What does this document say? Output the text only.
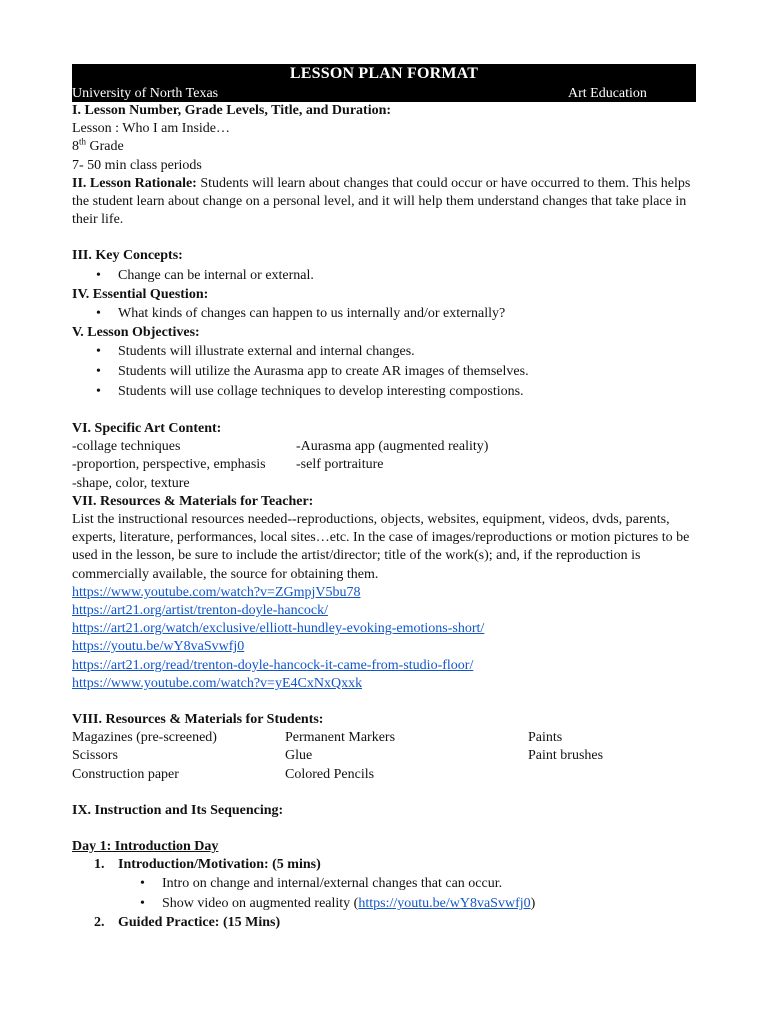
LESSON PLAN FORMAT
University of North Texas	Art Education

I. Lesson Number, Grade Levels, Title, and Duration:

Lesson : Who I am Inside…

8th Grade

7- 50 min class periods

II. Lesson Rationale: Students will learn about changes that could occur or have occurred to them. This helps the student learn about change on a personal level, and it will help them understand changes that take place in their life.

III. Key Concepts:

• Change can be internal or external.

IV. Essential Question:

• What kinds of changes can happen to us internally and/or externally?

V. Lesson Objectives:

• Students will illustrate external and internal changes.
• Students will utilize the Aurasma app to create AR images of themselves.
• Students will use collage techniques to develop interesting compostions.

VI. Specific Art Content:

-collage techniques	-Aurasma app (augmented reality)
-proportion, perspective, emphasis -self portraiture
-shape, color, texture

VII. Resources & Materials for Teacher:

List the instructional resources needed--reproductions, objects, websites, equipment, videos, dvds, parents, experts, literature, performances, local sites…etc. In the case of images/reproductions or motion pictures to be used in the lesson, be sure to include the artist/director; title of the work(s); and, if the reproduction is commercially available, the source for obtaining them.

https://www.youtube.com/watch?v=ZGmpjV5bu78

https://art21.org/artist/trenton-doyle-hancock/

https://art21.org/watch/exclusive/elliott-hundley-evoking-emotions-short/

https://youtu.be/wY8vaSvwfj0

https://art21.org/read/trenton-doyle-hancock-it-came-from-studio-floor/

https://www.youtube.com/watch?v=yE4CxNxQxxk

VIII. Resources & Materials for Students:

Magazines (pre-screened)	Permanent Markers	Paints
Scissors	Glue	Paint brushes
Construction paper	Colored Pencils

IX. Instruction and Its Sequencing:

Day 1: Introduction Day

1. Introduction/Motivation: (5 mins)
• Intro on change and internal/external changes that can occur.
• Show video on augmented reality (https://youtu.be/wY8vaSvwfj0)
2. Guided Practice: (15 Mins)
